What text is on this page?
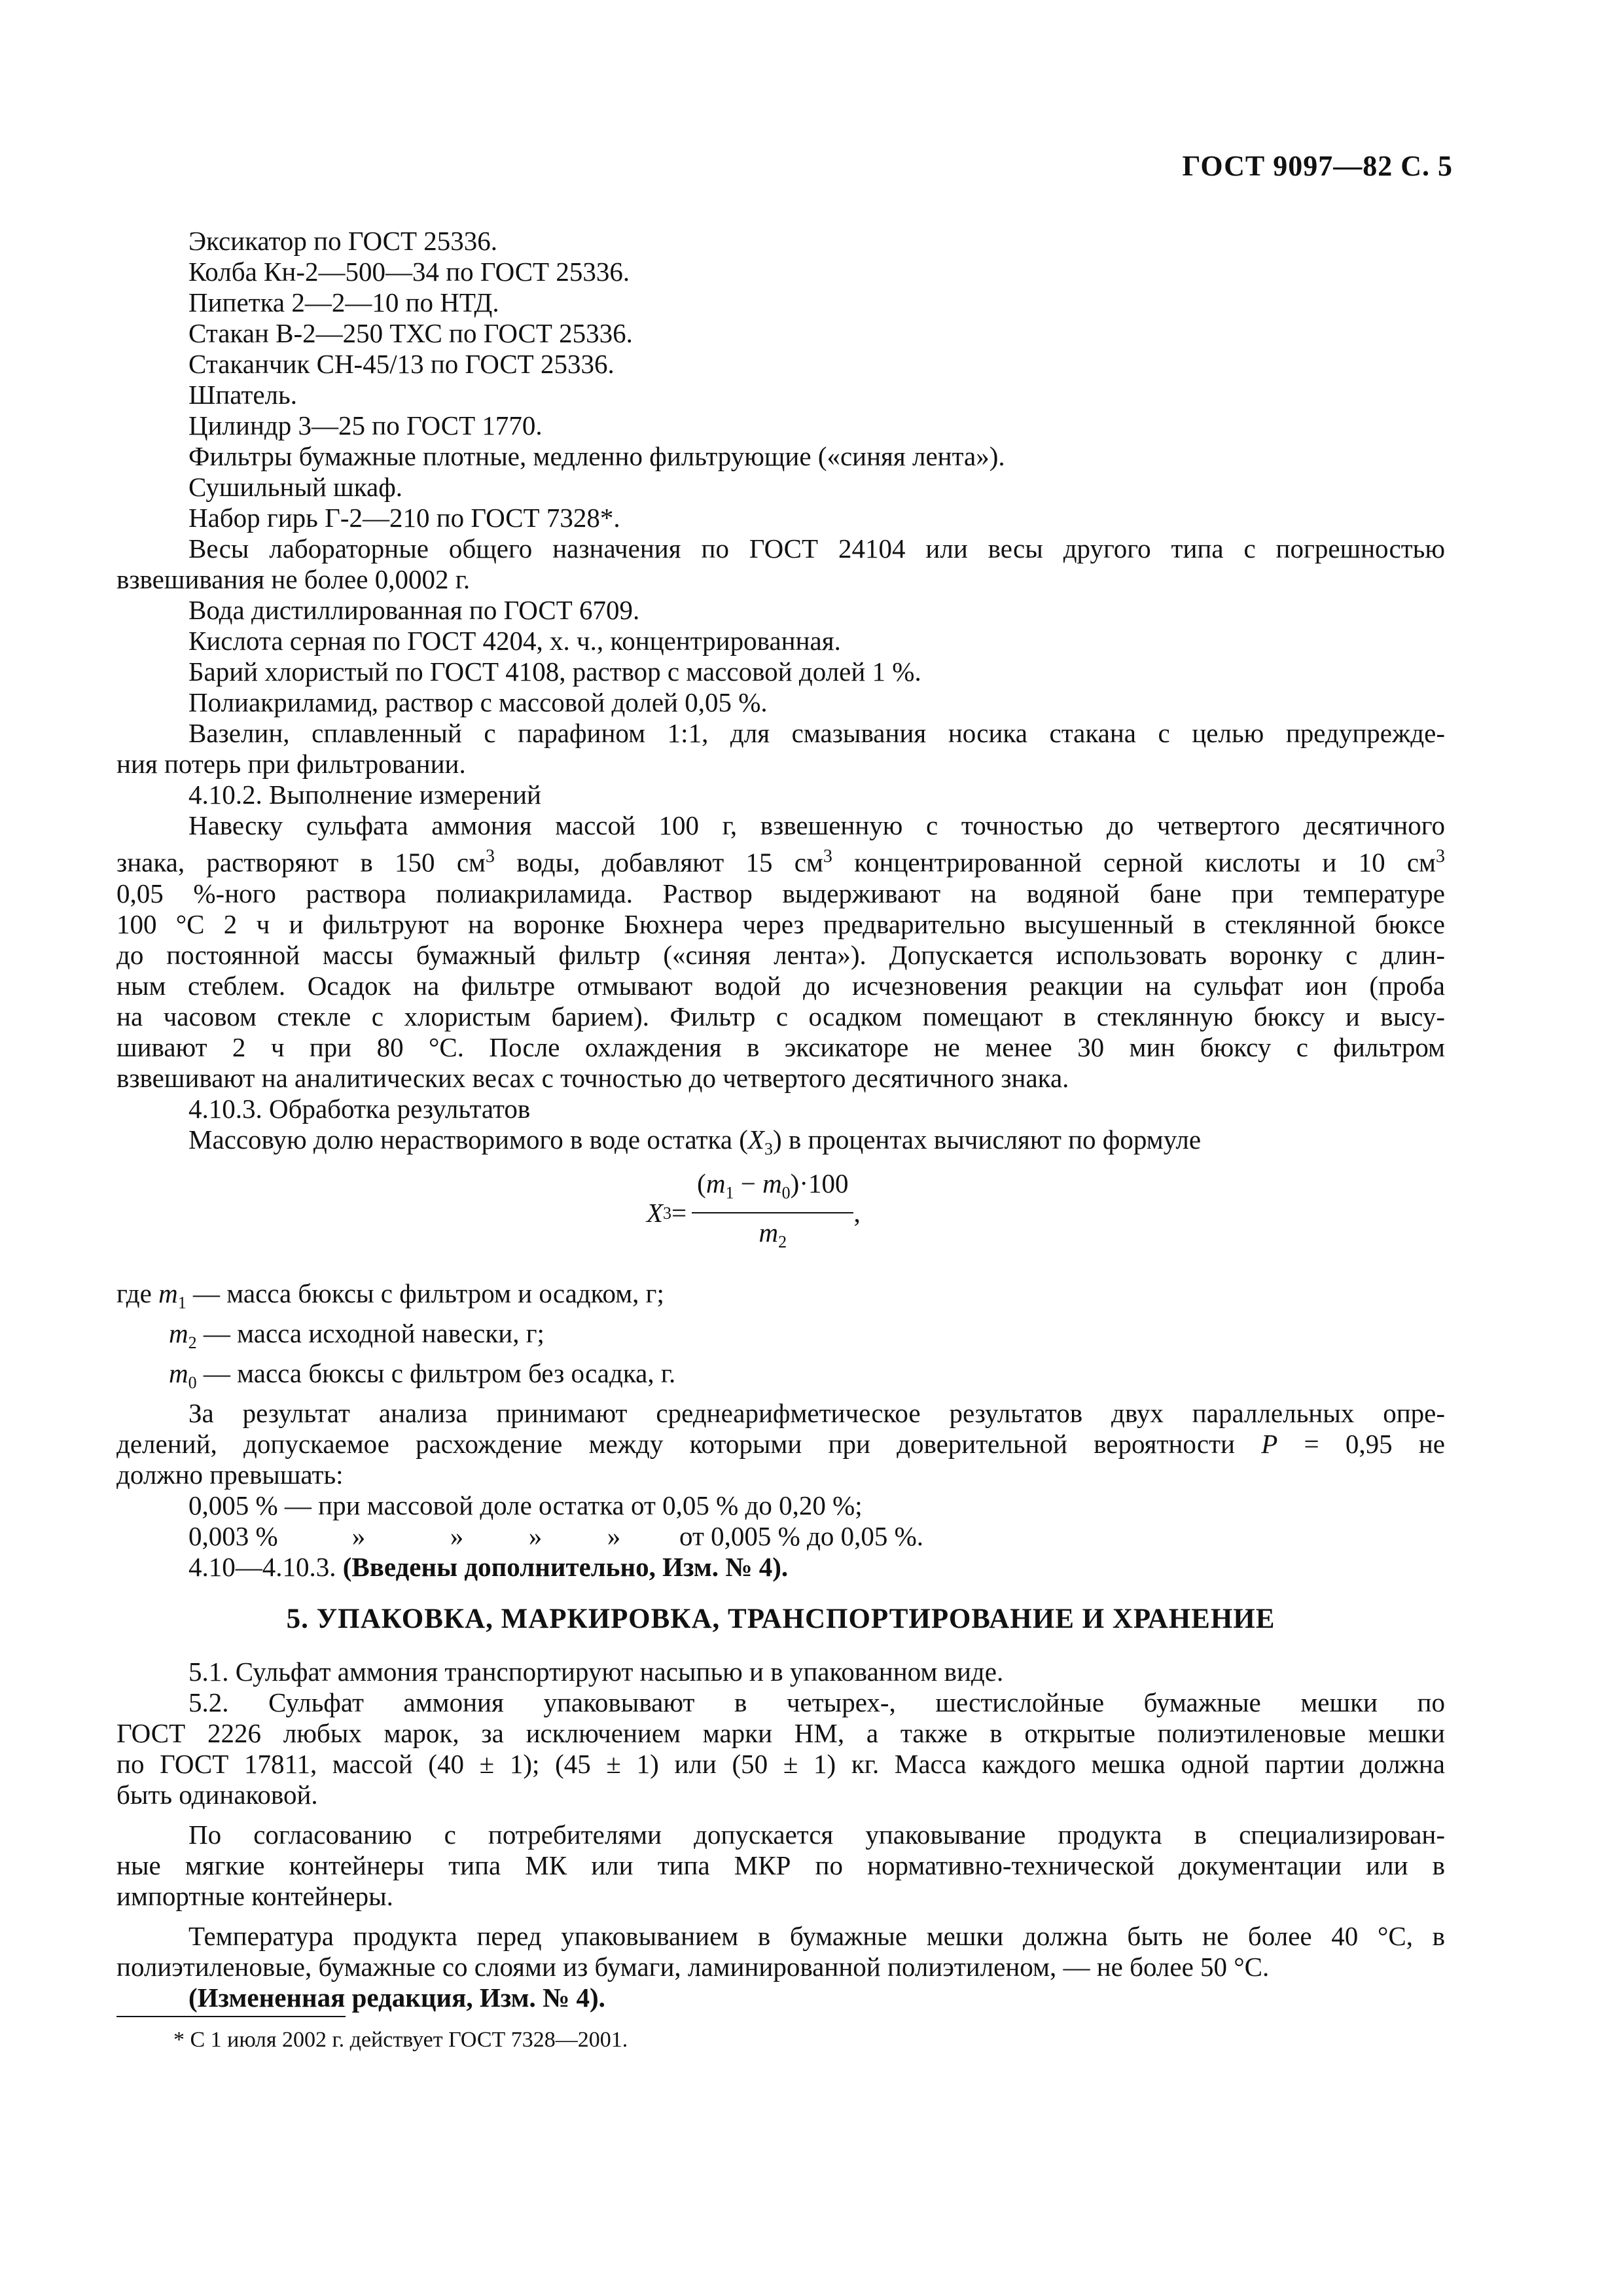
ГОСТ 9097—82 С. 5
Эксикатор по ГОСТ 25336.
Колба Кн-2—500—34 по ГОСТ 25336.
Пипетка 2—2—10 по НТД.
Стакан В-2—250 ТХС по ГОСТ 25336.
Стаканчик СН-45/13 по ГОСТ 25336.
Шпатель.
Цилиндр 3—25 по ГОСТ 1770.
Фильтры бумажные плотные, медленно фильтрующие («синяя лента»).
Сушильный шкаф.
Набор гирь Г-2—210 по ГОСТ 7328*.
Весы лабораторные общего назначения по ГОСТ 24104 или весы другого типа с погрешностью
взвешивания не более 0,0002 г.
Вода дистиллированная по ГОСТ 6709.
Кислота серная по ГОСТ 4204, х. ч., концентрированная.
Барий хлористый по ГОСТ 4108, раствор с массовой долей 1 %.
Полиакриламид, раствор с массовой долей 0,05 %.
Вазелин, сплавленный с парафином 1:1, для смазывания носика стакана с целью предупрежде-
ния потерь при фильтровании.
4.10.2. Выполнение измерений
Навеску сульфата аммония массой 100 г, взвешенную с точностью до четвертого десятичного
знака, растворяют в 150 $см^3$ воды, добавляют 15 $см^3$ концентрированной серной кислоты и 10 $см^3$
0,05 %-ного раствора полиакриламида. Раствор выдерживают на водяной бане при температуре
100 °С 2 ч и фильтруют на воронке Бюхнера через предварительно высушенный в стеклянной бюксе
до постоянной массы бумажный фильтр («синяя лента»). Допускается использовать воронку с длин-
ным стеблем. Осадок на фильтре отмывают водой до исчезновения реакции на сульфат ион (проба
на часовом стекле с хлористым барием). Фильтр с осадком помещают в стеклянную бюксу и высу-
шивают 2 ч при 80 °С. После охлаждения в эксикаторе не менее 30 мин бюксу с фильтром
взвешивают на аналитических весах с точностью до четвертого десятичного знака.
4.10.3. Обработка результатов
Массовую долю нерастворимого в воде остатка $(X_3)$ в процентах вычисляют по формуле
X $3 = \frac{(m_1 - m_0)\cdot 100}{m_2}$ ,
где $m_1$ — масса бюксы с фильтром и осадком, г;
$m_2$ — масса исходной навески, г;
$m_0$ — масса бюксы с фильтром без осадка, г.
За результат анализа принимают среднеарифметическое результатов двух параллельных опре-
делений, допускаемое расхождение между которыми при доверительной вероятности P = 0,95 не
должно превышать:
0,005 % — при массовой доле остатка от 0,05 % до 0,20 %;
0,003 %	»	»	»	»	от 0,005 % до 0,05 %.
4.10—4.10.3. (Введены дополнительно, Изм. № 4).
5. УПАКОВКА, МАРКИРОВКА, ТРАНСПОРТИРОВАНИЕ И ХРАНЕНИЕ
5.1. Сульфат аммония транспортируют насыпью и в упакованном виде.
5.2. Сульфат аммония упаковывают в четырех-, шестислойные бумажные мешки по
ГОСТ 2226 любых марок, за исключением марки НМ, а также в открытые полиэтиленовые мешки
по ГОСТ 17811, массой (40 ± 1); (45 ± 1) или (50 ± 1) кг. Масса каждого мешка одной партии должна
быть одинаковой.
По согласованию с потребителями допускается упаковывание продукта в специализирован-
ные мягкие контейнеры типа МК или типа МКР по нормативно-технической документации или в
импортные контейнеры.
Температура продукта перед упаковыванием в бумажные мешки должна быть не более 40 °С, в
полиэтиленовые, бумажные со слоями из бумаги, ламинированной полиэтиленом, — не более 50 °С.
(Измененная редакция, Изм. № 4).
* С 1 июля 2002 г. действует ГОСТ 7328—2001.
